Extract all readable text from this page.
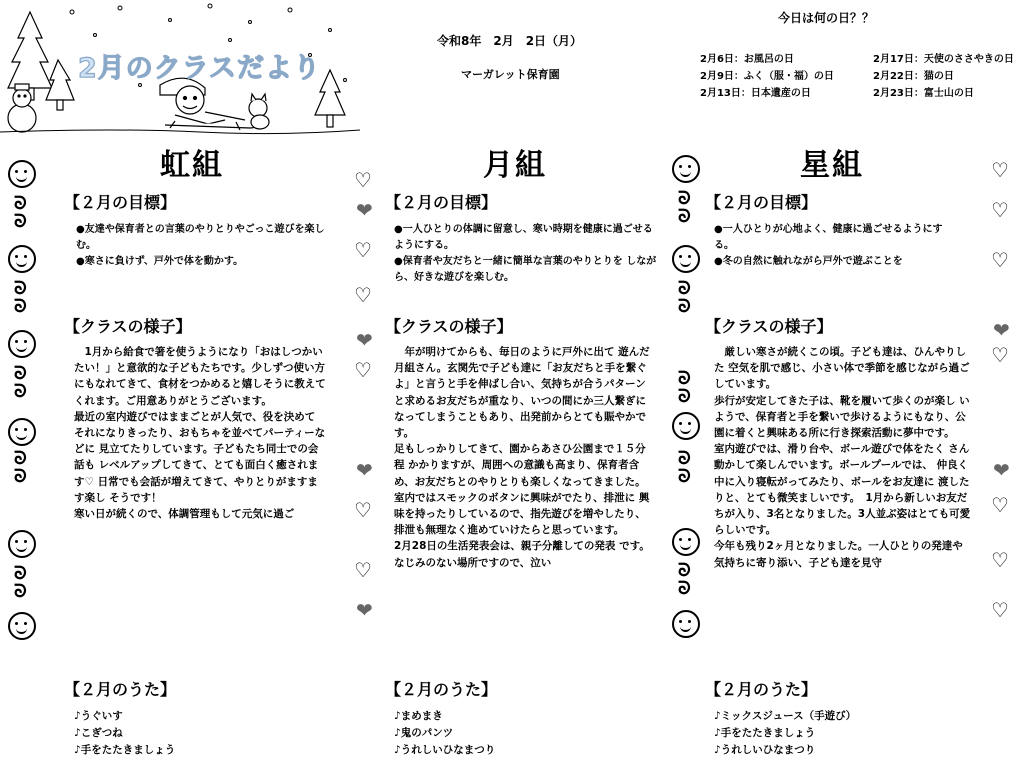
2月のクラスだより
令和8年　2月　2日（月）
マーガレット保育園
今日は何の日？？
2月6日：お風呂の日
2月9日：ふく（服・福）の日
2月13日：日本遺産の日
2月17日：天使のささやきの日
2月22日：猫の日
2月23日：富士山の日
ᘐ
ᘐ
ᘐ
ᘐ
ᘐ
ᘐ
ᘐ
ᘐ
ᘐ
ᘐ
♡
❤
♡
♡
❤
♡
❤
♡
♡
❤
ᘐ
ᘐ
ᘐ
ᘐ
ᘐ
ᘐ
ᘐ
ᘐ
ᘐ
ᘐ
♡
♡
♡
❤
♡
❤
♡
♡
♡
虹組
【２月の目標】
●友達や保育者との言葉のやりとりやごっこ遊びを楽しむ。
●寒さに負けず、戸外で体を動かす。
【クラスの様子】
　1月から給食で箸を使うようになり「おはしつかい たい！」と意欲的な子どもたちです。少しずつ使い方 にもなれてきて、食材をつかめると嬉しそうに教えて くれます。ご用意ありがとうございます。
最近の室内遊びではままごとが人気で、役を決めて それになりきったり、おもちゃを並べてパーティーなどに 見立てたりしています。子どもたち同士での会話も レベルアップしてきて、とても面白く癒されます♡ 日常でも会話が増えてきて、やりとりがますます楽し そうです！
寒い日が続くので、体調管理もして元気に過ご
【２月のうた】
♪うぐいす
♪こぎつね
♪手をたたきましょう
月組
【２月の目標】
●一人ひとりの体調に留意し、寒い時期を健康に過ごせるようにする。
●保育者や友だちと一緒に簡単な言葉のやりとりを しながら、好きな遊びを楽しむ。
【クラスの様子】
　年が明けてからも、毎日のように戸外に出て 遊んだ月組さん。玄関先で子ども達に「お友だちと手を繋ぐよ」と言うと手を伸ばし合い、気持ちが合うパターンと求めるお友だちが重なり、いつの間にか三人繋ぎになってしまうこともあり、出発前からとても賑やかです。
足もしっかりしてきて、園からあさひ公園まで１５分程 かかりますが、周囲への意識も高まり、保育者含め、お友だちとのやりとりも楽しくなってきました。
室内ではスモックのボタンに興味がでたり、排泄に 興味を持ったりしているので、指先遊びを増やしたり、排泄も無理なく進めていけたらと思っています。
2月28日の生活発表会は、親子分離しての発表 です。なじみのない場所ですので、泣い
【２月のうた】
♪まめまき
♪鬼のパンツ
♪うれしいひなまつり
星組
【２月の目標】
●一人ひとりが心地よく、健康に過ごせるようにする。
●冬の自然に触れながら戸外で遊ぶことを
【クラスの様子】
　厳しい寒さが続くこの頃。子ども達は、ひんやりした 空気を肌で感じ、小さい体で季節を感じながら過ご しています。
歩行が安定してきた子は、靴を履いて歩くのが楽し いようで、保育者と手を繋いで歩けるようにもなり、公園に着くと興味ある所に行き探索活動に夢中です。
室内遊びでは、滑り台や、ボール遊びで体をたく さん動かして楽しんでいます。ボールプールでは、 仲良く中に入り寝転がってみたり、ボールをお友達に 渡したりと、とても微笑ましいです。　1月から新しいお友だちが入り、3名となりました。3人並ぶ姿はとても可愛らしいです。
今年も残り2ヶ月となりました。一人ひとりの発達や 気持ちに寄り添い、子ども達を見守
【２月のうた】
♪ミックスジュース（手遊び）
♪手をたたきましょう
♪うれしいひなまつり
